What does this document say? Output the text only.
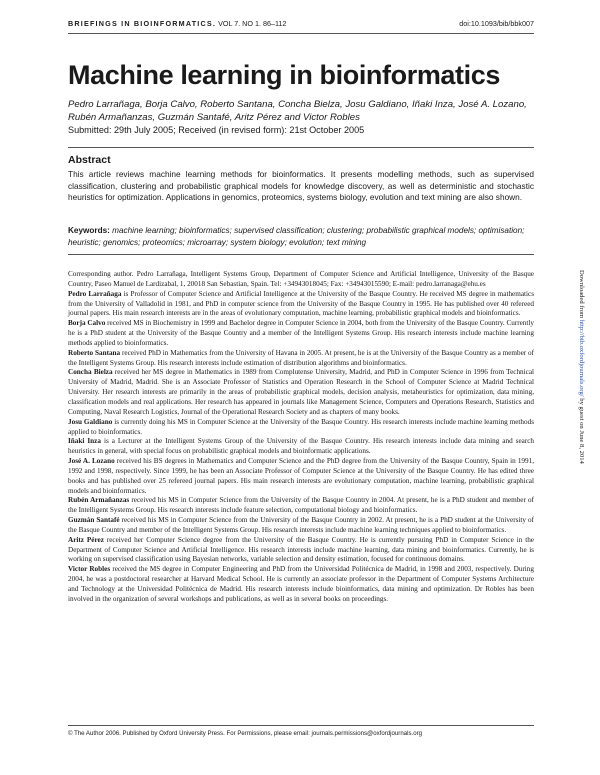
BRIEFINGS IN BIOINFORMATICS. VOL 7. NO 1. 86–112	doi:10.1093/bib/bbk007
Machine learning in bioinformatics
Pedro Larrañaga, Borja Calvo, Roberto Santana, Concha Bielza, Josu Galdiano, Iñaki Inza, José A. Lozano, Rubén Armañanzas, Guzmán Santafé, Aritz Pérez and Victor Robles
Submitted: 29th July 2005; Received (in revised form): 21st October 2005
Abstract

This article reviews machine learning methods for bioinformatics. It presents modelling methods, such as supervised classification, clustering and probabilistic graphical models for knowledge discovery, as well as deterministic and stochastic heuristics for optimization. Applications in genomics, proteomics, systems biology, evolution and text mining are also shown.

Keywords: machine learning; bioinformatics; supervised classification; clustering; probabilistic graphical models; optimisation; heuristic; genomics; proteomics; microarray; system biology; evolution; text mining

Corresponding author. Pedro Larrañaga, Intelligent Systems Group, Department of Computer Science and Artificial Intelligence, University of the Basque Country, Paseo Manuel de Lardizabal, 1, 20018 San Sebastian, Spain. Tel: +34943018045; Fax: +34943015590; E-mail: pedro.larranaga@ehu.es

Pedro Larrañaga is Professor of Computer Science and Artificial Intelligence at the University of the Basque Country. He received MS degree in mathematics from the University of Valladolid in 1981, and PhD in computer science from the University of the Basque Country in 1995. He has published over 40 refereed journal papers. His main research interests are in the areas of evolutionary computation, machine learning, probabilistic graphical models and bioinformatics.

Borja Calvo received MS in Biochemistry in 1999 and Bachelor degree in Computer Science in 2004, both from the University of the Basque Country. Currently he is a PhD student at the University of the Basque Country and a member of the Intelligent Systems Group. His research interests include machine learning methods applied to bioinformatics.

Roberto Santana received PhD in Mathematics from the University of Havana in 2005. At present, he is at the University of the Basque Country as a member of the Intelligent Systems Group. His research interests include estimation of distribution algorithms and bioinformatics.

Concha Bielza received her MS degree in Mathematics in 1989 from Complutense University, Madrid, and PhD in Computer Science in 1996 from Technical University of Madrid, Madrid. She is an Associate Professor of Statistics and Operation Research in the School of Computer Science at Madrid Technical University. Her research interests are primarily in the areas of probabilistic graphical models, decision analysis, metaheuristics for optimization, data mining, classification models and real applications. Her research has appeared in journals like Management Science, Computers and Operations Research, Statistics and Computing, Naval Research Logistics, Journal of the Operational Research Society and as chapters of many books.

Josu Galdiano is currently doing his MS in Computer Science at the University of the Basque Country. His research interests include machine learning methods applied to bioinformatics.

Iñaki Inza is a Lecturer at the Intelligent Systems Group of the University of the Basque Country. His research interests include data mining and search heuristics in general, with special focus on probabilistic graphical models and bioinformatic applications.

José A. Lozano received his BS degrees in Mathematics and Computer Science and the PhD degree from the University of the Basque Country, Spain in 1991, 1992 and 1998, respectively. Since 1999, he has been an Associate Professor of Computer Science at the University of the Basque Country. He has edited three books and has published over 25 refereed journal papers. His main research interests are evolutionary computation, machine learning, probabilistic graphical models and bioinformatics.

Rubén Armañanzas received his MS in Computer Science from the University of the Basque Country in 2004. At present, he is a PhD student and member of the Intelligent Systems Group. His research interests include feature selection, computational biology and bioinformatics.

Guzmán Santafé received his MS in Computer Science from the University of the Basque Country in 2002. At present, he is a PhD student at the University of the Basque Country and member of the Intelligent Systems Group. His research interests include machine learning techniques applied to bioinformatics.

Aritz Pérez received her Computer Science degree from the University of the Basque Country. He is currently pursuing PhD in Computer Science in the Department of Computer Science and Artificial Intelligence. His research interests include machine learning, data mining and bioinformatics. Currently, he is working on supervised classification using Bayesian networks, variable selection and density estimation, focused for continuous domains.

Victor Robles received the MS degree in Computer Engineering and PhD from the Universidad Politécnica de Madrid, in 1998 and 2003, respectively. During 2004, he was a postdoctoral researcher at Harvard Medical School. He is currently an associate professor in the Department of Computer Systems Architecture and Technology at the Universidad Politécnica de Madrid. His research interests include bioinformatics, data mining and optimization. Dr Robles has been involved in the organization of several workshops and publications, as well as in several books on proceedings.

Downloaded from http://bib.oxfordjournals.org/ by guest on June 8, 2014
© The Author 2006. Published by Oxford University Press. For Permissions, please email: journals.permissions@oxfordjournals.org
